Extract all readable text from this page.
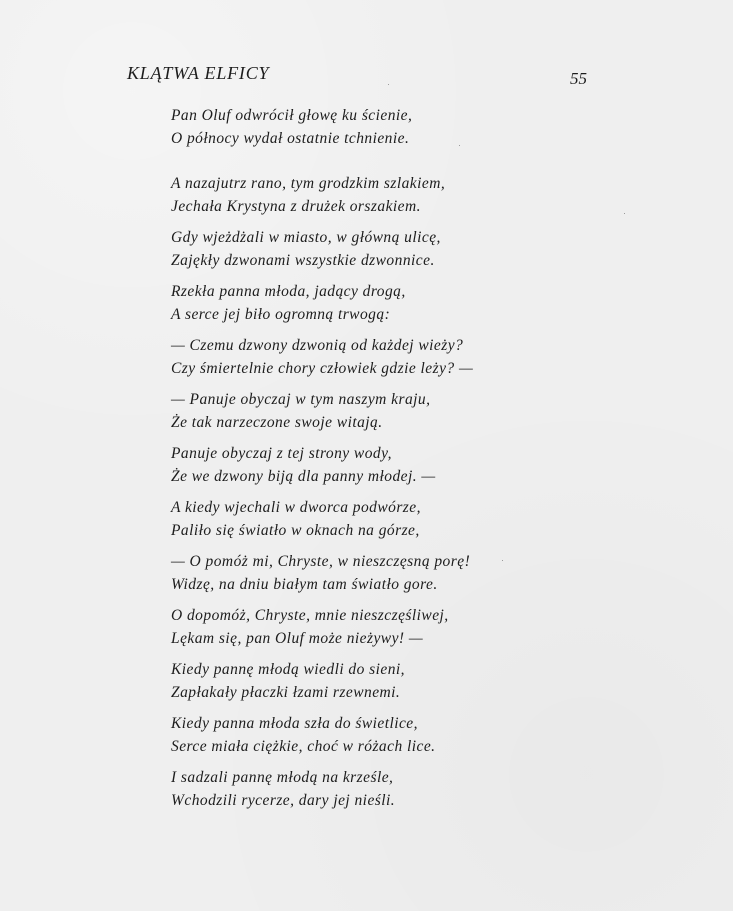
KLĄTWA ELFICY	55
Pan Oluf odwrócił głowę ku ścienie,
O północy wydał ostatnie tchnienie.
A nazajutrz rano, tym grodzkim szlakiem,
Jechała Krystyna z drużek orszakiem.
Gdy wjeżdżali w miasto, w główną ulicę,
Zajękły dzwonami wszystkie dzwonnice.
Rzekła panna młoda, jadący drogą,
A serce jej biło ogromną trwogą:
— Czemu dzwony dzwonią od każdej wieży?
Czy śmiertelnie chory człowiek gdzie leży? —
— Panuje obyczaj w tym naszym kraju,
Że tak narzeczone swoje witają.
Panuje obyczaj z tej strony wody,
Że we dzwony biją dla panny młodej. —
A kiedy wjechali w dworca podwórze,
Paliło się światło w oknach na górze,
— O pomóż mi, Chryste, w nieszczęsną porę!
Widzę, na dniu białym tam światło gore.
O dopomóż, Chryste, mnie nieszczęśliwej,
Lękam się, pan Oluf może nieżywy! —
Kiedy pannę młodą wiedli do sieni,
Zapłakały płaczki łzami rzewnemi.
Kiedy panna młoda szła do świetlice,
Serce miała ciężkie, choć w różach lice.
I sadzali pannę młodą na krześle,
Wchodzili rycerze, dary jej nieśli.
